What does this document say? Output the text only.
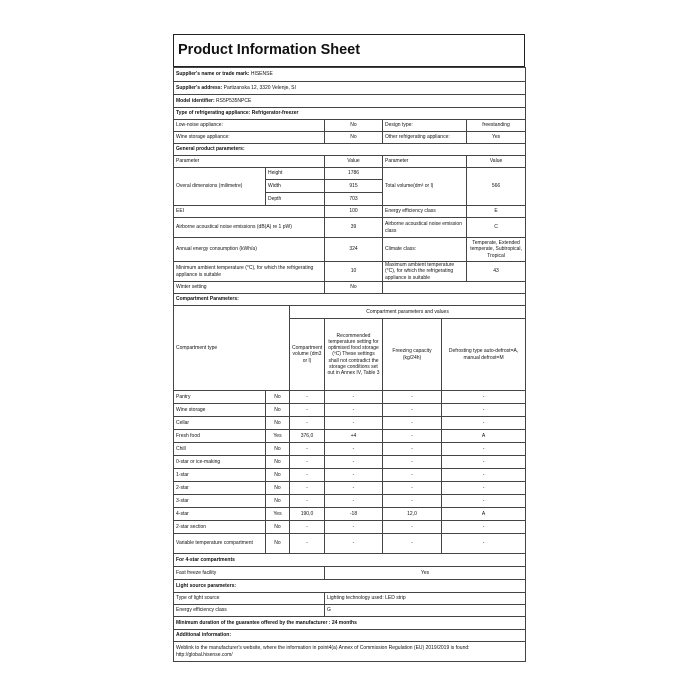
Product Information Sheet
Supplier's name or trade mark: HISENSE						
Supplier's address: Partizanska 12, 3320 Velenje, SI						
Model identifier: RS5P535NPCE						
Type of refrigerating appliance: Refrigerator-freezer						
Low-noise appliance:			No	Design type:		freestanding
Wine storage appliance:			No	Other refrigerating appliance:		Yes
General product parameters:						
Parameter			Value	Parameter		Value
Overal dimensions (milimetre)	Height		1786	Total volume(dm³ or l)		566
	Width		915			
	Depth		703			
EEI			100	Energy efficiency class		E
Airborne acoustical noise emissions (dB(A) re 1 pW)			39	Airborne acoustical noise emission class		C
Annual energy consumption (kWh/a)			324	Climate class:		Temperate, Extended temperate, Subtropical, Tropical
Minimum ambient temperature (°C), for which the refrigerating appliance is suitable			10	Maximum ambient temperature (°C), for which the refrigerating appliance is suitable		43
Winter setting			No			
Compartment Parameters:						
Compartment type		Compartment parameters and values				
		Compartment volume (dm3 or l)	Recommended temperature setting for optimised food storage (ºC) These settings shall not contradict the storage conditions set out in Annex IV, Table 3	Freezing capacity (kg/24h)	Defrosting type auto-defrost=A, manual defrost=M	
Pantry	No	-	-	-	-	
Wine storage	No	-	-	-	-	
Cellar	No	-	-	-	-	
Fresh food	Yes	376,0	+4	-	A	
Chill	No	-	-	-	-	
0-star or ice-making	No	-	-	-	-	
1-star	No	-	-	-	-	
2-star	No	-	-	-	-	
3-star	No	-	-	-	-	
4-star	Yes	190,0	-18	12,0	A	
2-star section	No	-	-	-	-	
Variable temperature compartment	No	-	-	-	-	
For 4-star compartments						
Fast freeze facility			Yes			
Light source parameters:						
Type of light source			Lighting technology used: LED strip			
Energy efficiency class			G			
Minimum duration of the guarantee offered by the manufacturer : 24 months						
Additional information:						
Weblink to the manufacturer's website, where the information in point4(a) Annex of Commission Regulation (EU) 2019/2019 is found: http://global.hisense.com/						
